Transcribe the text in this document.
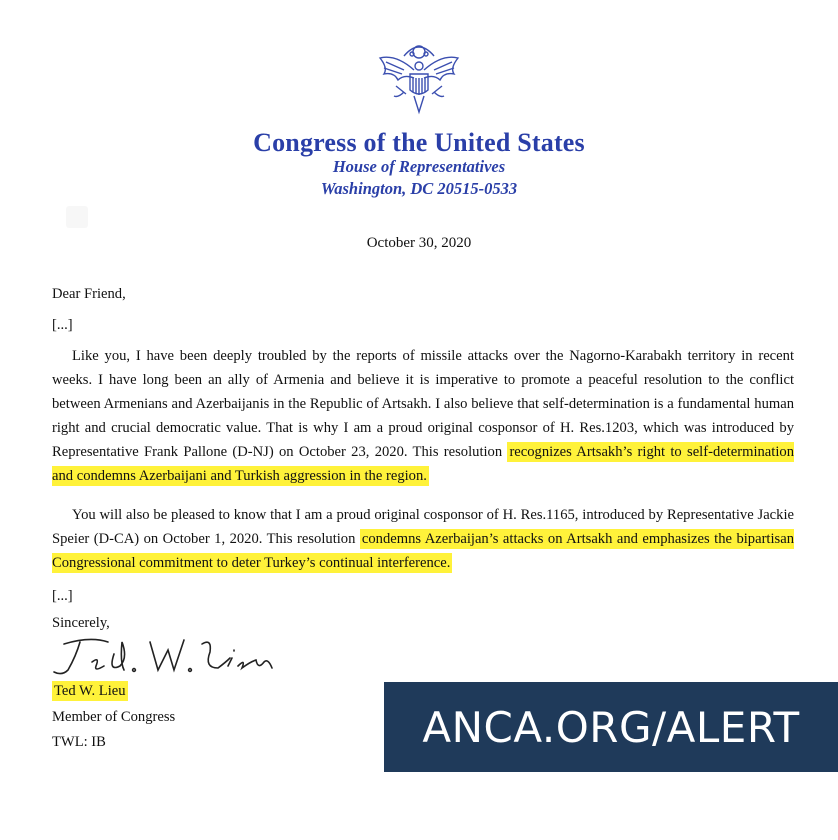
Congress of the United States
House of Representatives
Washington, DC 20515-0533
October 30, 2020
Dear Friend,
[...]
Like you, I have been deeply troubled by the reports of missile attacks over the Nagorno-Karabakh territory in recent weeks. I have long been an ally of Armenia and believe it is imperative to promote a peaceful resolution to the conflict between Armenians and Azerbaijanis in the Republic of Artsakh. I also believe that self-determination is a fundamental human right and crucial democratic value. That is why I am a proud original cosponsor of H. Res.1203, which was introduced by Representative Frank Pallone (D-NJ) on October 23, 2020. This resolution recognizes Artsakh’s right to self-determination and condemns Azerbaijani and Turkish aggression in the region.
You will also be pleased to know that I am a proud original cosponsor of H. Res.1165, introduced by Representative Jackie Speier (D-CA) on October 1, 2020. This resolution condemns Azerbaijan’s attacks on Artsakh and emphasizes the bipartisan Congressional commitment to deter Turkey’s continual interference.
[...]
Sincerely,
Ted W. Lieu
Member of Congress
TWL: IB	ANCA.ORG/ALERT
